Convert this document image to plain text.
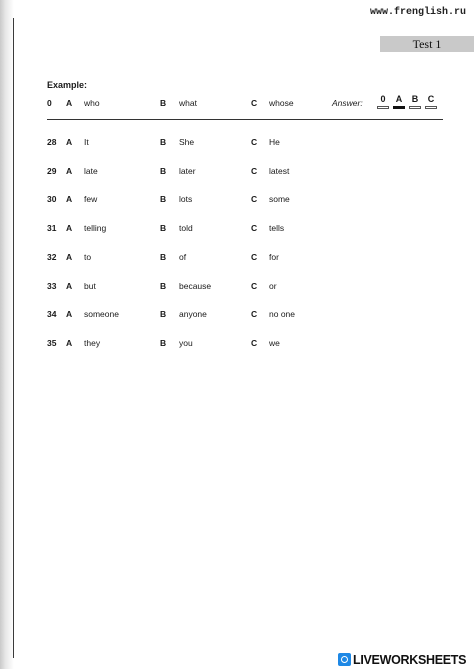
www.frenglish.ru
Test 1
Example:
0 A who	B what	C whose	Answer:	0	A	B	C
28 A It	B She	C He
29 A late	B later	C latest
30 A few	B lots	C some
31 A telling	B told	C tells
32 A to	B of	C for
33 A but	B because	C or
34 A someone	B anyone	C no one
35 A they	B you	C we
LIVEWORKSHEETS
